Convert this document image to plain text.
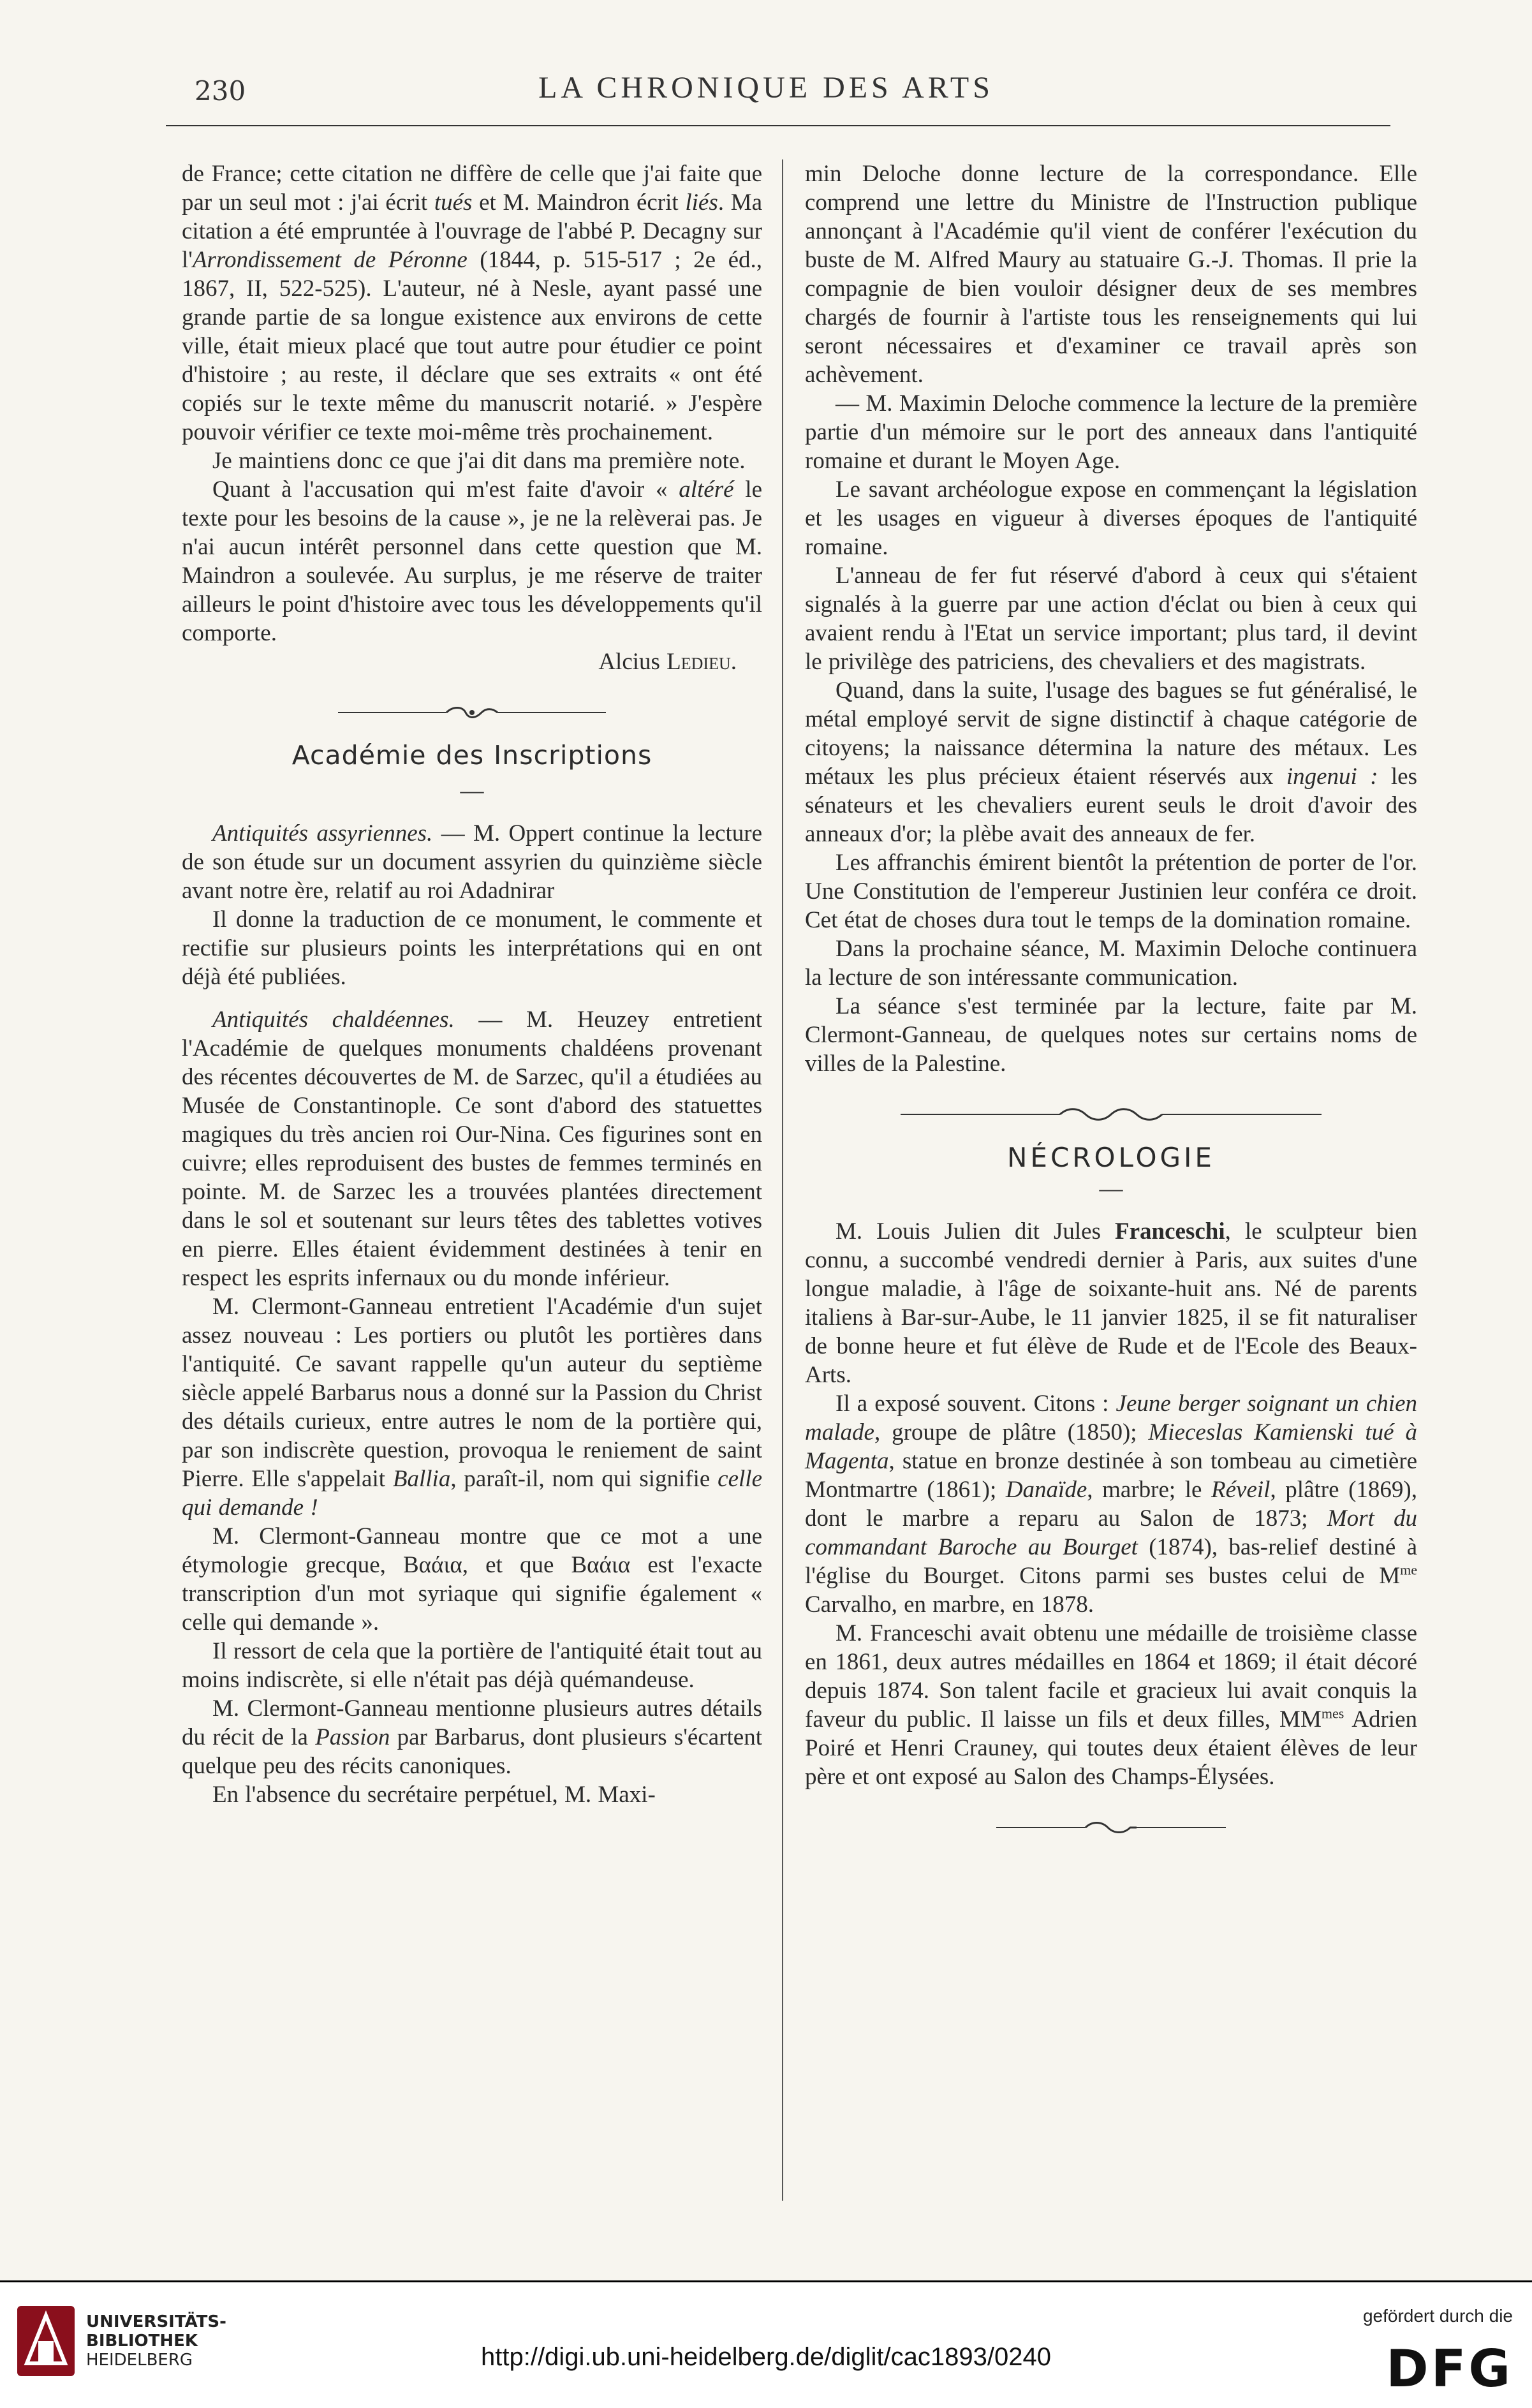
230	LA CHRONIQUE DES ARTS

de France; cette citation ne diffère de celle que j'ai faite que par un seul mot : j'ai écrit tués et M. Maindron écrit liés. Ma citation a été empruntée à l'ouvrage de l'abbé P. Decagny sur l'Arrondissement de Péronne (1844, p. 515-517 ; 2e éd., 1867, II, 522-525). L'auteur, né à Nesle, ayant passé une grande partie de sa longue existence aux environs de cette ville, était mieux placé que tout autre pour étudier ce point d'histoire ; au reste, il déclare que ses extraits « ont été copiés sur le texte même du manuscrit notarié. » J'espère pouvoir vérifier ce texte moi-même très prochainement.

Je maintiens donc ce que j'ai dit dans ma première note.

Quant à l'accusation qui m'est faite d'avoir « altéré le texte pour les besoins de la cause », je ne la relèverai pas. Je n'ai aucun intérêt personnel dans cette question que M. Maindron a soulevée. Au surplus, je me réserve de traiter ailleurs le point d'histoire avec tous les développements qu'il comporte.

Alcius Ledieu.

Académie des Inscriptions
—

Antiquités assyriennes. — M. Oppert continue la lecture de son étude sur un document assyrien du quinzième siècle avant notre ère, relatif au roi Adadnirar

Il donne la traduction de ce monument, le commente et rectifie sur plusieurs points les interprétations qui en ont déjà été publiées.

Antiquités chaldéennes. — M. Heuzey entretient l'Académie de quelques monuments chaldéens provenant des récentes découvertes de M. de Sarzec, qu'il a étudiées au Musée de Constantinople. Ce sont d'abord des statuettes magiques du très ancien roi Our-Nina. Ces figurines sont en cuivre; elles reproduisent des bustes de femmes terminés en pointe. M. de Sarzec les a trouvées plantées directement dans le sol et soutenant sur leurs têtes des tablettes votives en pierre. Elles étaient évidemment destinées à tenir en respect les esprits infernaux ou du monde inférieur.

M. Clermont-Ganneau entretient l'Académie d'un sujet assez nouveau : Les portiers ou plutôt les portières dans l'antiquité. Ce savant rappelle qu'un auteur du septième siècle appelé Barbarus nous a donné sur la Passion du Christ des détails curieux, entre autres le nom de la portière qui, par son indiscrète question, provoqua le reniement de saint Pierre. Elle s'appelait Ballia, paraît-il, nom qui signifie celle qui demande !

M. Clermont-Ganneau montre que ce mot a une étymologie grecque, Βαάια, et que Βαάια est l'exacte transcription d'un mot syriaque qui signifie également « celle qui demande ».

Il ressort de cela que la portière de l'antiquité était tout au moins indiscrète, si elle n'était pas déjà quémandeuse.

M. Clermont-Ganneau mentionne plusieurs autres détails du récit de la Passion par Barbarus, dont plusieurs s'écartent quelque peu des récits canoniques.

En l'absence du secrétaire perpétuel, M. Maxi-

min Deloche donne lecture de la correspondance. Elle comprend une lettre du Ministre de l'Instruction publique annonçant à l'Académie qu'il vient de conférer l'exécution du buste de M. Alfred Maury au statuaire G.-J. Thomas. Il prie la compagnie de bien vouloir désigner deux de ses membres chargés de fournir à l'artiste tous les renseignements qui lui seront nécessaires et d'examiner ce travail après son achèvement.

— M. Maximin Deloche commence la lecture de la première partie d'un mémoire sur le port des anneaux dans l'antiquité romaine et durant le Moyen Age.

Le savant archéologue expose en commençant la législation et les usages en vigueur à diverses époques de l'antiquité romaine.

L'anneau de fer fut réservé d'abord à ceux qui s'étaient signalés à la guerre par une action d'éclat ou bien à ceux qui avaient rendu à l'Etat un service important; plus tard, il devint le privilège des patriciens, des chevaliers et des magistrats.

Quand, dans la suite, l'usage des bagues se fut généralisé, le métal employé servit de signe distinctif à chaque catégorie de citoyens; la naissance détermina la nature des métaux. Les métaux les plus précieux étaient réservés aux ingenui : les sénateurs et les chevaliers eurent seuls le droit d'avoir des anneaux d'or; la plèbe avait des anneaux de fer.

Les affranchis émirent bientôt la prétention de porter de l'or. Une Constitution de l'empereur Justinien leur conféra ce droit. Cet état de choses dura tout le temps de la domination romaine.

Dans la prochaine séance, M. Maximin Deloche continuera la lecture de son intéressante communication.

La séance s'est terminée par la lecture, faite par M. Clermont-Ganneau, de quelques notes sur certains noms de villes de la Palestine.

NÉCROLOGIE
—

M. Louis Julien dit Jules Franceschi, le sculpteur bien connu, a succombé vendredi dernier à Paris, aux suites d'une longue maladie, à l'âge de soixante-huit ans. Né de parents italiens à Bar-sur-Aube, le 11 janvier 1825, il se fit naturaliser de bonne heure et fut élève de Rude et de l'Ecole des Beaux-Arts.

Il a exposé souvent. Citons : Jeune berger soignant un chien malade, groupe de plâtre (1850); Mieceslas Kamienski tué à Magenta, statue en bronze destinée à son tombeau au cimetière Montmartre (1861); Danaïde, marbre; le Réveil, plâtre (1869), dont le marbre a reparu au Salon de 1873; Mort du commandant Baroche au Bourget (1874), bas-relief destiné à l'église du Bourget. Citons parmi ses bustes celui de $M^{me}$ Carvalho, en marbre, en 1878.

M. Franceschi avait obtenu une médaille de troisième classe en 1861, deux autres médailles en 1864 et 1869; il était décoré depuis 1874. Son talent facile et gracieux lui avait conquis la faveur du public. Il laisse un fils et deux filles, $MM^{mes}$ Adrien Poiré et Henri Crauney, qui toutes deux étaient élèves de leur père et ont exposé au Salon des Champs-Élysées.

UNIVERSITÄTS-
BIBLIOTHEK
HEIDELBERG	http://digi.ub.uni-heidelberg.de/diglit/cac1893/0240
gefördert durch die
DFG
